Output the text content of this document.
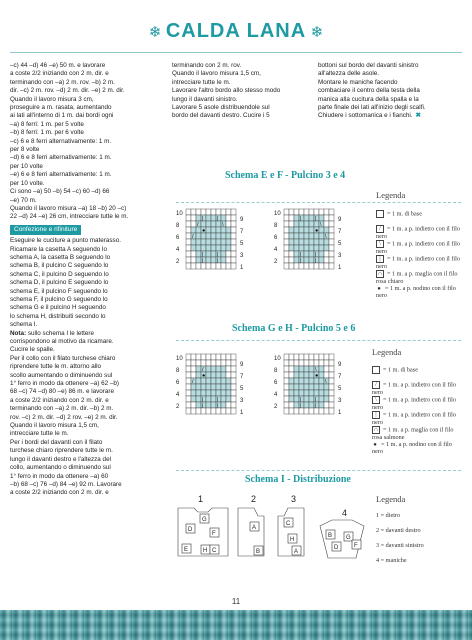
❄ CALDA LANA ❄
–c) 44 –d) 46 –e) 50 m. e lavorare
a coste 2/2 iniziando con 2 m. dir. e
terminando con –a) 2 m. rov. –b) 2 m.
dir. –c) 2 m. rov. –d) 2 m. dir. –e) 2 m. dir.
Quando il lavoro misura 3 cm,
proseguire a m. rasata, aumentando
ai lati all'interno di 1 m. dai bordi ogni
–a) 8 ferri: 1 m. per 5 volte
–b) 8 ferri: 1 m. per 6 volte
–c) 6 e 8 ferri alternativamente: 1 m.
per 8 volte
–d) 6 e 8 ferri alternativamente: 1 m.
per 10 volte
–e) 6 e 8 ferri alternativamente: 1 m.
per 10 volte.
Ci sono –a) 50 –b) 54 –c) 60 –d) 66
–e) 70 m.
Quando il lavoro misura –a) 18 –b) 20 –c)
22 –d) 24 –e) 26 cm, intrecciare tutte le m.
Confezione e rifiniture
Eseguire le cuciture a punto materasso.
Ricamare la casetta A seguendo lo
schema A, la casetta B seguendo lo
schema B, il pulcino C seguendo lo
schema C, il pulcino D seguendo lo
schema D, il pulcino E seguendo lo
schema E, il pulcino F seguendo lo
schema F, il pulcino G seguendo lo
schema G e il pulcino H seguendo
lo schema H, distribuiti secondo lo
schema I.
Nota: sullo schema I le lettere
corrispondono al motivo da ricamare.
Cucire le spalle.
Per il collo con il filato turchese chiaro
riprendere tutte le m. attorno allo
scollo aumentando o diminuendo sul
1° ferro in modo da ottenere –a) 62 –b)
68 –c) 74 –d) 80 –e) 86 m. e lavorare
a coste 2/2 iniziando con 2 m. dir. e
terminando con –a) 2 m. dir. –b) 2 m.
rov. –c) 2 m. dir. –d) 2 rov. –e) 2 m. dir.
Quando il lavoro misura 1,5 cm,
intrecciare tutte le m.
Per i bordi del davanti con il filato
turchese chiaro riprendere tutte le m.
lungo il davanti destro e l'altezza del
collo, aumentando o diminuendo sul
1° ferro in modo da ottenere –a) 60
–b) 68 –c) 76 –d) 84 –e) 92 m. Lavorare
a coste 2/2 iniziando con 2 m. dir. e
terminando con 2 m. rov.
Quando il lavoro misura 1,5 cm,
intrecciare tutte le m.
Lavorare l'altro bordo allo stesso modo
lungo il davanti sinistro.
Lavorare 5 asole distribuendole sul
bordo del davanti destro. Cucire i 5
bottoni sul bordo del davanti sinistro
all'altezza delle asole.
Montare le maniche facendo
combaciare il centro della testa della
manica alla cucitura della spalla e la
parte finale dei lati all'inizio degli scalfi.
Chiudere i sottomanica e i fianchi. ✖
Schema E e F - Pulcino 3 e 4
Legenda
= 1 m. di base
/ = 1 m. a p. indietro con il filo nero
\ = 1 m. a p. indietro con il filo nero
| = 1 m. a p. indietro con il filo nero
∩ = 1 m. a p. maglia con il filo rosa chiaro
● = 1 m. a p. nodino con il filo nero
10
8
6
4
2
9
7
5
3
1
| |
/	\
●
/
| |
| |
10
8
6
4
2
9
7
5
3
1
| |
\
●
\
| |
| |
Schema G e H - Pulcino 5 e 6
Legenda
= 1 m. di base
/ = 1 m. a p. indietro con il filo nero
\ = 1 m. a p. indietro con il filo nero
| = 1 m. a p. indietro con il filo nero
∩ = 1 m. a p. maglia con il filo rosa salmone
● = 1 m. a p. nodino con il filo nero
10
8
6
4
2
9
7
5
3
1
/
●
/
| |
| |
10
8
6
4
2
9
7
5
3
1
\
●
\
| |
| |
Schema I - Distribuzione
Legenda
1 = dietro
2 = davanti destro
3 = davanti sinistro
4 = maniche
1
G
D
F
E H C
2
A
B
3
C
H
A
4
B G
F
D
11
